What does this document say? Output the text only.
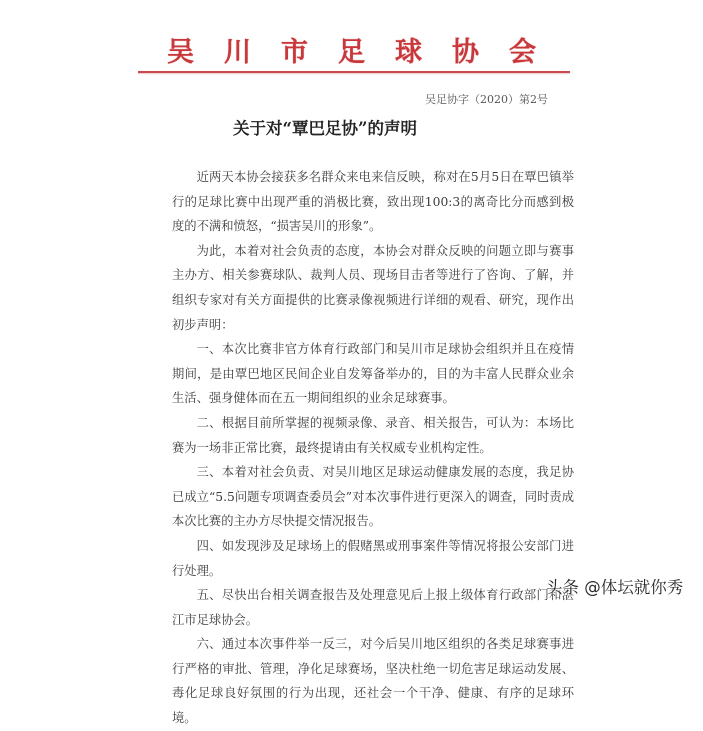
吴川市足球协会
吴足协字（2020）第2号
关于对“覃巴足协”的声明

近两天本协会接获多名群众来电来信反映，称对在5月5日在覃巴镇举行的足球比赛中出现严重的消极比赛，致出现100:3的离奇比分而感到极度的不满和愤怒，“损害吴川的形象”。

为此，本着对社会负责的态度，本协会对群众反映的问题立即与赛事主办方、相关参赛球队、裁判人员、现场目击者等进行了咨询、了解，并组织专家对有关方面提供的比赛录像视频进行详细的观看、研究，现作出初步声明：

一、本次比赛非官方体育行政部门和吴川市足球协会组织并且在疫情期间，是由覃巴地区民间企业自发筹备举办的，目的为丰富人民群众业余生活、强身健体而在五一期间组织的业余足球赛事。

二、根据目前所掌握的视频录像、录音、相关报告，可认为：本场比赛为一场非正常比赛，最终提请由有关权威专业机构定性。

三、本着对社会负责、对吴川地区足球运动健康发展的态度，我足协已成立“5.5问题专项调查委员会”对本次事件进行更深入的调查，同时责成本次比赛的主办方尽快提交情况报告。

四、如发现涉及足球场上的假赌黑或刑事案件等情况将报公安部门进行处理。

五、尽快出台相关调查报告及处理意见后上报上级体育行政部门和湛江市足球协会。

六、通过本次事件举一反三，对今后吴川地区组织的各类足球赛事进行严格的审批、管理，净化足球赛场，坚决杜绝一切危害足球运动发展、毒化足球良好氛围的行为出现，还社会一个干净、健康、有序的足球环境。

头条 @体坛就你秀
